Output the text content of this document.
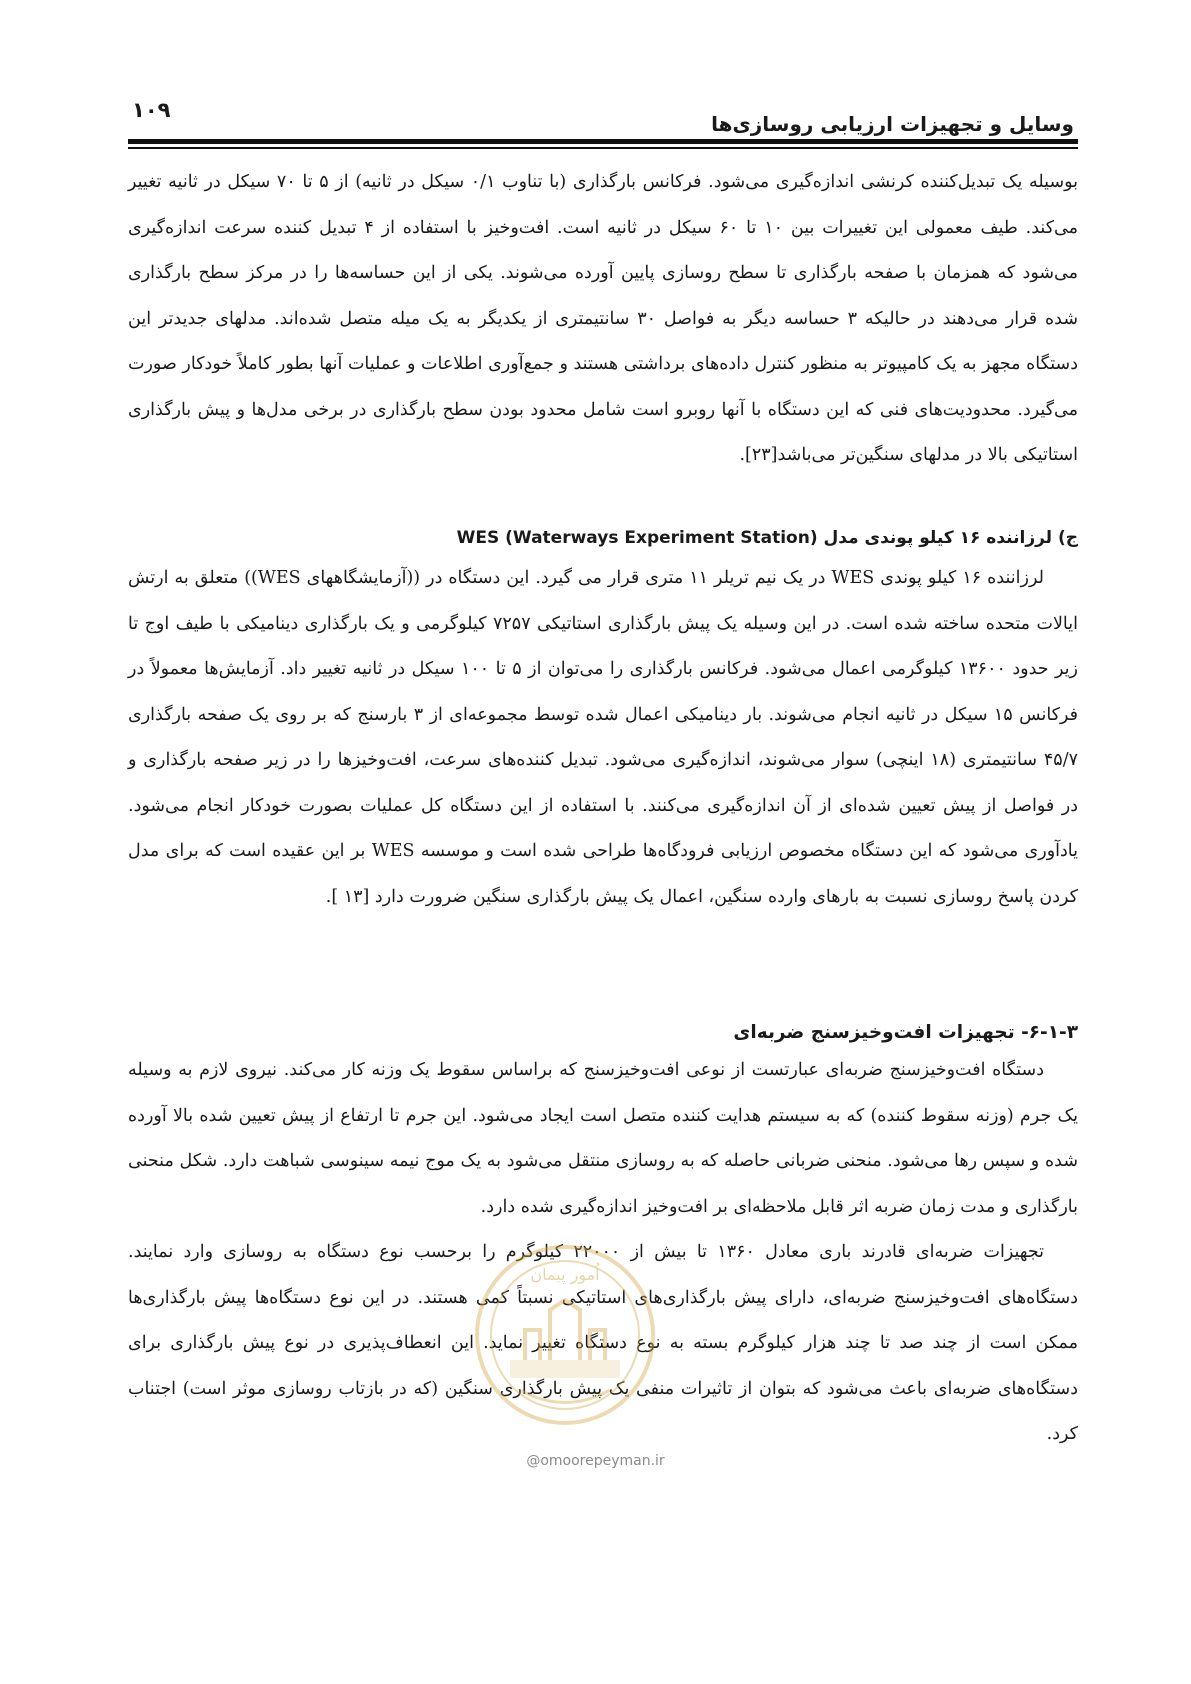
۱۰۹
وسایل و تجهیزات ارزیابی روسازی‌ها

بوسیله یک تبدیل‌کننده کرنشی اندازه‌گیری می‌شود. فرکانس بارگذاری (با تناوب ۰/۱ سیکل در ثانیه) از ۵ تا ۷۰ سیکل در ثانیه تغییر می‌کند. طیف معمولی این تغییرات بین ۱۰ تا ۶۰ سیکل در ثانیه است. افت‌وخیز با استفاده از ۴ تبدیل کننده سرعت اندازه‌گیری می‌شود که همزمان با صفحه بارگذاری تا سطح روسازی پایین آورده می‌شوند. یکی از این حساسه‌ها را در مرکز سطح بارگذاری شده قرار می‌دهند در حالیکه ۳ حساسه دیگر به فواصل ۳۰ سانتیمتری از یکدیگر به یک میله متصل شده‌اند. مدلهای جدیدتر این دستگاه مجهز به یک کامپیوتر به منظور کنترل داده‌های برداشتی هستند و جمع‌آوری اطلاعات و عملیات آنها بطور کاملاً خودکار صورت می‌گیرد. محدودیت‌های فنی که این دستگاه با آنها روبرو است شامل محدود بودن سطح بارگذاری در برخی مدل‌ها و پیش بارگذاری استاتیکی بالا در مدلهای سنگین‌تر می‌باشد[۲۳].

ج) لرزاننده ۱۶ کیلو پوندی مدل WES (Waterways Experiment Station)

لرزاننده ۱۶ کیلو پوندی WES در یک نیم تریلر ۱۱ متری قرار می گیرد. این دستگاه در ((آزمایشگاههای WES)) متعلق به ارتش ایالات متحده ساخته شده است. در این وسیله یک پیش بارگذاری استاتیکی ۷۲۵۷ کیلوگرمی و یک بارگذاری دینامیکی با طیف اوج تا زیر حدود ۱۳۶۰۰ کیلوگرمی اعمال می‌شود. فرکانس بارگذاری را می‌توان از ۵ تا ۱۰۰ سیکل در ثانیه تغییر داد. آزمایش‌ها معمولاً در فرکانس ۱۵ سیکل در ثانیه انجام می‌شوند. بار دینامیکی اعمال شده توسط مجموعه‌ای از ۳ بارسنج که بر روی یک صفحه بارگذاری ۴۵/۷ سانتیمتری (۱۸ اینچی) سوار می‌شوند، اندازه‌گیری می‌شود. تبدیل کننده‌های سرعت، افت‌وخیزها را در زیر صفحه بارگذاری و در فواصل از پیش تعیین شده‌ای از آن اندازه‌گیری می‌کنند. با استفاده از این دستگاه کل عملیات بصورت خودکار انجام می‌شود. یادآوری می‌شود که این دستگاه مخصوص ارزیابی فرودگاه‌ها طراحی شده است و موسسه WES بر این عقیده است که برای مدل کردن پاسخ روسازی نسبت به بارهای وارده سنگین، اعمال یک پیش بارگذاری سنگین ضرورت دارد [۱۳ ].

۶-۱-۳- تجهیزات افت‌وخیزسنج ضربه‌ای

دستگاه افت‌وخیزسنج ضربه‌ای عبارتست از نوعی افت‌وخیزسنج که براساس سقوط یک وزنه کار می‌کند. نیروی لازم به وسیله یک جرم (وزنه سقوط کننده) که به سیستم هدایت کننده متصل است ایجاد می‌شود. این جرم تا ارتفاع از پیش تعیین شده بالا آورده شده و سپس رها می‌شود. منحنی ضربانی حاصله که به روسازی منتقل می‌شود به یک موج نیمه سینوسی شباهت دارد. شکل منحنی بارگذاری و مدت زمان ضربه اثر قابل ملاحظه‌ای بر افت‌وخیز اندازه‌گیری شده دارد.

تجهیزات ضربه‌ای قادرند باری معادل ۱۳۶۰ تا بیش از ۲۲۰۰۰ کیلوگرم را برحسب نوع دستگاه به روسازی وارد نمایند. دستگاه‌های افت‌وخیزسنج ضربه‌ای، دارای پیش بارگذاری‌های استاتیکی نسبتاً کمی هستند. در این نوع دستگاه‌ها پیش بارگذاری‌ها ممکن است از چند صد تا چند هزار کیلوگرم بسته به نوع دستگاه تغییر نماید. این انعطاف‌پذیری در نوع پیش بارگذاری برای دستگاه‌های ضربه‌ای باعث می‌شود که بتوان از تاثیرات منفی یک پیش بارگذاری سنگین (که در بازتاب روسازی موثر است) اجتناب کرد.

اُمور پیمان
@omoorepeyman.ir
